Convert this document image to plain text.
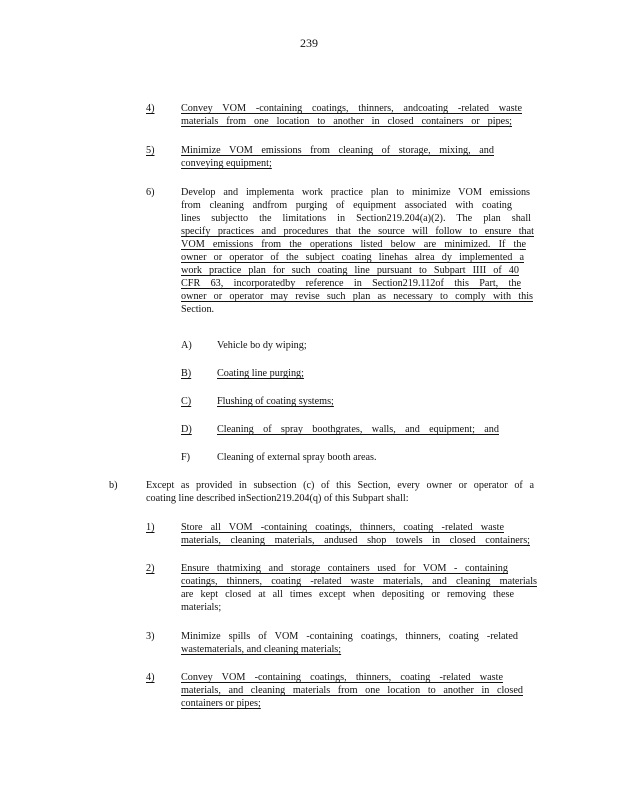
239
4)	Convey VOM -containing coatings, thinners, andcoating -related waste
materials from one location to another in closed containers or pipes;
5)	Minimize VOM emissions from cleaning of storage, mixing, and
conveying equipment;
6)	Develop and implementa work practice plan to minimize VOM emissions
from cleaning andfrom purging of equipment associated with coating
lines subjectto the limitations in Section219.204(a)(2). The plan shall
specify practices and procedures that the source will follow to ensure that
VOM emissions from the operations listed below are minimized. If the
owner or operator of the subject coating linehas alrea dy implemented a
work practice plan for such coating line pursuant to Subpart IIII of 40
CFR 63, incorporatedby reference in Section219.112of this Part, the
owner or operator may revise such plan as necessary to comply with this
Section.
A) Vehicle bo dy wiping;
B)	Coating line purging;
C)	Flushing of coating systems;
D) Cleaning of spray boothgrates, walls, and equipment; and
F)	Cleaning of external spray booth areas.
b)	Except as provided in subsection (c) of this Section, every owner or operator of a
coating line described inSection219.204(q) of this Subpart shall:
1)	Store all VOM -containing coatings, thinners, coating -related waste
materials, cleaning materials, andused shop towels in closed containers;
2)	Ensure thatmixing and storage containers used for VOM - containing
coatings, thinners, coating -related waste materials, and cleaning materials
are kept closed at all times except when depositing or removing these
materials;
3)	Minimize spills of VOM -containing coatings, thinners, coating -related
wastematerials, and cleaning materials;
4)	Convey VOM -containing coatings, thinners, coating -related waste
materials, and cleaning materials from one location to another in closed
containers or pipes;
